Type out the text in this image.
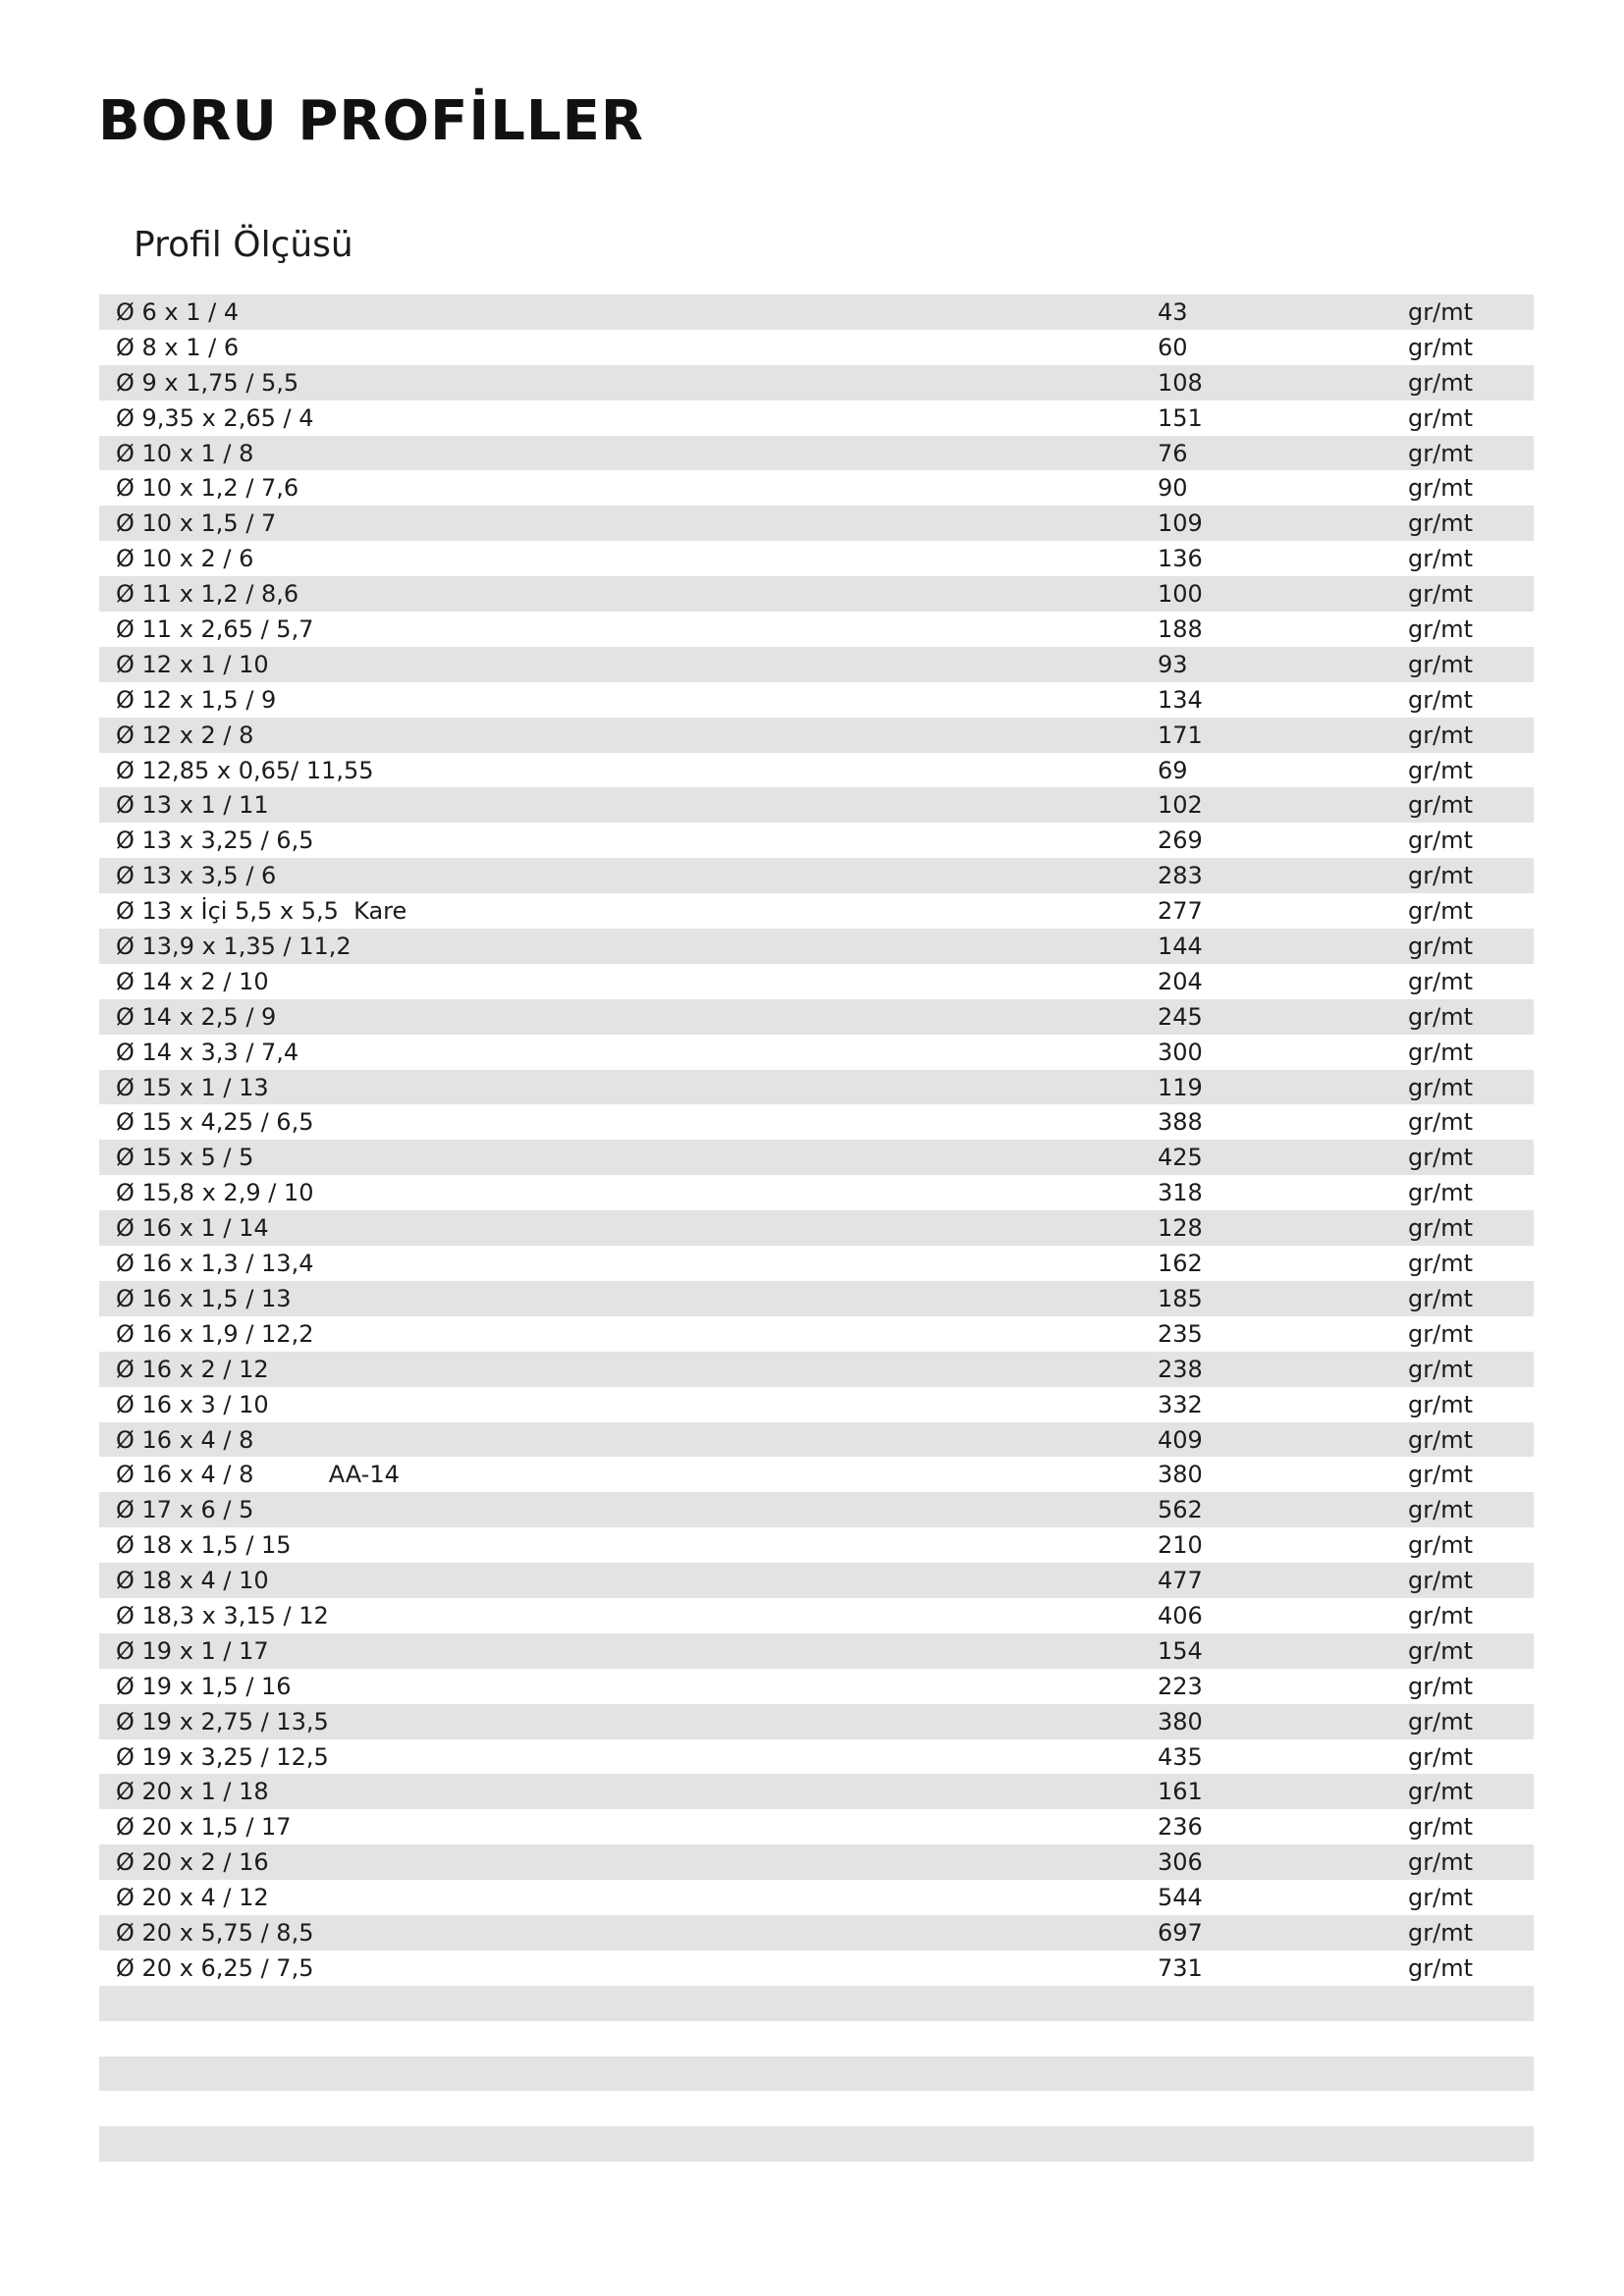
BORU PROFİLLER
Profil Ölçüsü
Ø 6 x 1 / 4	43	gr/mt
Ø 8 x 1 / 6	60	gr/mt
Ø 9 x 1,75 / 5,5	108	gr/mt
Ø 9,35 x 2,65 / 4	151	gr/mt
Ø 10 x 1 / 8	76	gr/mt
Ø 10 x 1,2 / 7,6	90	gr/mt
Ø 10 x 1,5 / 7	109	gr/mt
Ø 10 x 2 / 6	136	gr/mt
Ø 11 x 1,2 / 8,6	100	gr/mt
Ø 11 x 2,65 / 5,7	188	gr/mt
Ø 12 x 1 / 10	93	gr/mt
Ø 12 x 1,5 / 9	134	gr/mt
Ø 12 x 2 / 8	171	gr/mt
Ø 12,85 x 0,65/ 11,55	69	gr/mt
Ø 13 x 1 / 11	102	gr/mt
Ø 13 x 3,25 / 6,5	269	gr/mt
Ø 13 x 3,5 / 6	283	gr/mt
Ø 13 x İçi 5,5 x 5,5  Kare	277	gr/mt
Ø 13,9 x 1,35 / 11,2	144	gr/mt
Ø 14 x 2 / 10	204	gr/mt
Ø 14 x 2,5 / 9	245	gr/mt
Ø 14 x 3,3 / 7,4	300	gr/mt
Ø 15 x 1 / 13	119	gr/mt
Ø 15 x 4,25 / 6,5	388	gr/mt
Ø 15 x 5 / 5	425	gr/mt
Ø 15,8 x 2,9 / 10	318	gr/mt
Ø 16 x 1 / 14	128	gr/mt
Ø 16 x 1,3 / 13,4	162	gr/mt
Ø 16 x 1,5 / 13	185	gr/mt
Ø 16 x 1,9 / 12,2	235	gr/mt
Ø 16 x 2 / 12	238	gr/mt
Ø 16 x 3 / 10	332	gr/mt
Ø 16 x 4 / 8	409	gr/mt
Ø 16 x 4 / 8          AA-14	380	gr/mt
Ø 17 x 6 / 5	562	gr/mt
Ø 18 x 1,5 / 15	210	gr/mt
Ø 18 x 4 / 10	477	gr/mt
Ø 18,3 x 3,15 / 12	406	gr/mt
Ø 19 x 1 / 17	154	gr/mt
Ø 19 x 1,5 / 16	223	gr/mt
Ø 19 x 2,75 / 13,5	380	gr/mt
Ø 19 x 3,25 / 12,5	435	gr/mt
Ø 20 x 1 / 18	161	gr/mt
Ø 20 x 1,5 / 17	236	gr/mt
Ø 20 x 2 / 16	306	gr/mt
Ø 20 x 4 / 12	544	gr/mt
Ø 20 x 5,75 / 8,5	697	gr/mt
Ø 20 x 6,25 / 7,5	731	gr/mt
